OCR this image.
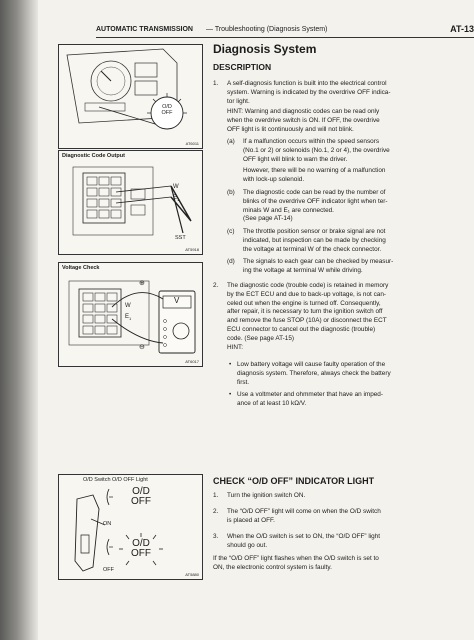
AUTOMATIC TRANSMISSION — Troubleshooting (Diagnosis System)	AT-13
O/D
OFF
AT6011
Diagnostic Code Output
W
$E_1$
SST
AT5918
Voltage Check
⊕
⊖
W
$E_1$
V
AT6017
O/D Switch O/D OFF Light
ON
OFF
O/D
OFF
O/D
OFF
AT5880
Diagnosis System
DESCRIPTION
1. A self-diagnosis function is built into the electrical control
system. Warning is indicated by the overdrive OFF indica-
tor light.
HINT: Warning and diagnostic codes can be read only
when the overdrive switch is ON. If OFF, the overdrive
OFF light is lit continuously and will not blink.
(a) If a malfunction occurs within the speed sensors
(No.1 or 2) or solenoids (No.1, 2 or 4), the overdrive
OFF light will blink to warn the driver.
However, there will be no warning of a malfunction
with lock-up solenoid.
(b) The diagnostic code can be read by the number of
blinks of the overdrive OFF indicator light when ter-
minals W and E₁ are connected.
(See page AT-14)
(c) The throttle position sensor or brake signal are not
indicated, but inspection can be made by checking
the voltage at terminal W of the check connector.
(d) The signals to each gear can be checked by measur-
ing the voltage at terminal W while driving.
2. The diagnostic code (trouble code) is retained in memory
by the ECT ECU and due to back-up voltage, is not can-
celed out when the engine is turned off. Consequently,
after repair, it is necessary to turn the ignition switch off
and remove the fuse STOP (10A) or disconnect the ECT
ECU connector to cancel out the diagnostic (trouble)
code. (See page AT-15)
HINT:
• Low battery voltage will cause faulty operation of the
diagnosis system. Therefore, always check the battery
first.
• Use a voltmeter and ohmmeter that have an imped-
ance of at least 10 kΩ/V.
CHECK “O/D OFF” INDICATOR LIGHT
1. Turn the ignition switch ON.
2. The “O/D OFF” light will come on when the O/D switch
is placed at OFF.
3. When the O/D switch is set to ON, the “O/D OFF” light
should go out.
If the “O/D OFF” light flashes when the O/D switch is set to
ON, the electronic control system is faulty.
